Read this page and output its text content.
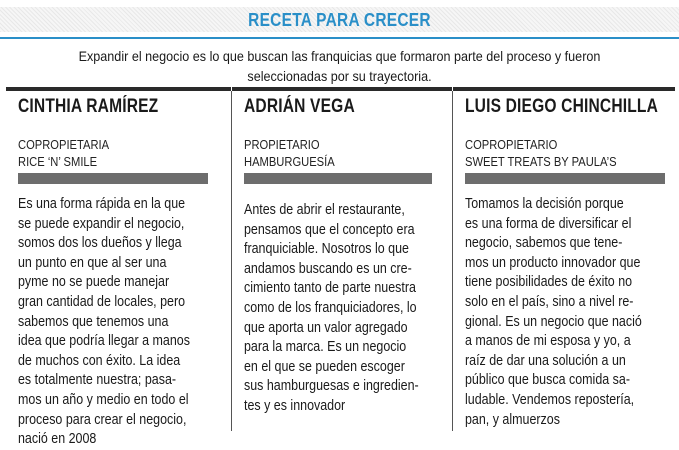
RECETA PARA CRECER
Expandir el negocio es lo que buscan las franquicias que formaron parte del proceso y fueron seleccionadas por su trayectoria.
CINTHIA RAMÍREZ
COPROPIETARIA
RICE ‘N’ SMILE
Es una forma rápida en la que
se puede expandir el negocio,
somos dos los dueños y llega
un punto en que al ser una
pyme no se puede manejar
gran cantidad de locales, pero
sabemos que tenemos una
idea que podría llegar a manos
de muchos con éxito. La idea
es totalmente nuestra; pasa-
mos un año y medio en todo el
proceso para crear el negocio,
nació en 2008
ADRIÁN VEGA
PROPIETARIO
HAMBURGUESÍA
Antes de abrir el restaurante,
pensamos que el concepto era
franquiciable. Nosotros lo que
andamos buscando es un cre-
cimiento tanto de parte nuestra
como de los franquiciadores, lo
que aporta un valor agregado
para la marca. Es un negocio
en el que se pueden escoger
sus hamburguesas e ingredien-
tes y es innovador
LUIS DIEGO CHINCHILLA
COPROPIETARIO
SWEET TREATS BY PAULA’S
Tomamos la decisión porque
es una forma de diversificar el
negocio, sabemos que tene-
mos un producto innovador que
tiene posibilidades de éxito no
solo en el país, sino a nivel re-
gional. Es un negocio que nació
a manos de mi esposa y yo, a
raíz de dar una solución a un
público que busca comida sa-
ludable. Vendemos repostería,
pan, y almuerzos
